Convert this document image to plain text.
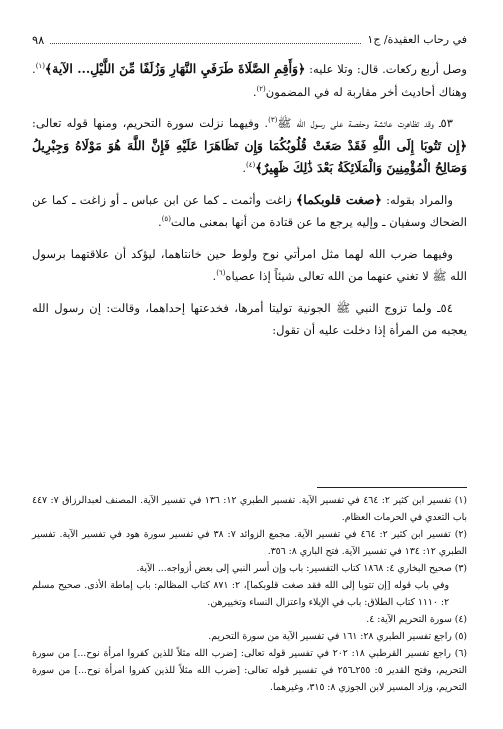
في رحاب العقيدة/ ج١
٩٨

وصل أربع ركعات. قال: وتلا عليه: ﴿وَأَقِمِ الصَّلَاةَ طَرَفَيِ النَّهَارِ وَزُلَفًا مِّنَ اللَّيْلِ... الآية﴾$^{(١)}$. وهناك أحاديث أخر مقاربة له في المضمون$^{(٢)}$.

٥٣ـ وقد تظاهرت عائشة وحفصة على رسول الله ﷺ$^{(٣)}$. وفيهما نزلت سورة التحريم، ومنها قوله تعالى: ﴿إِن تَتُوبَا إِلَى اللَّهِ فَقَدْ صَغَتْ قُلُوبُكُمَا وَإِن تَظَاهَرَا عَلَيْهِ فَإِنَّ اللَّهَ هُوَ مَوْلَاهُ وَجِبْرِيلُ وَصَالِحُ الْمُؤْمِنِينَ وَالْمَلَائِكَةُ بَعْدَ ذَٰلِكَ ظَهِيرٌ﴾$^{(٤)}$.

والمراد بقوله: ﴿صغت قلوبكما﴾ زاغت وأثمت ـ كما عن ابن عباس ـ أو زاغت ـ كما عن الضحاك وسفيان ـ وإليه يرجع ما عن قتادة من أنها بمعنى مالت$^{(٥)}$.

وفيهما ضرب الله لهما مثل امرأتي نوح ولوط حين خانتاهما، ليؤكد أن علاقتهما برسول الله ﷺ لا تغني عنهما من الله تعالى شيئاً إذا عصياه$^{(٦)}$.

٥٤ـ ولما تزوج النبي ﷺ الجونية توليتا أمرها، فخدعتها إحداهما، وقالت: إن رسول الله يعجبه من المرأة إذا دخلت عليه أن تقول:

(١) تفسير ابن كثير ٢: ٤٦٤ في تفسير الآية. تفسير الطبري ١٢: ١٣٦ في تفسير الآية. المصنف لعبدالرزاق ٧: ٤٤٧ باب التعدي في الحرمات العظام.

(٢) تفسير ابن كثير ٢: ٤٦٤ في تفسير الآية. مجمع الزوائد ٧: ٣٨ في تفسير سورة هود في تفسير الآية. تفسير الطبري ١٢: ١٣٤ في تفسير الآية. فتح الباري ٨: ٣٥٦.

(٣) صحيح البخاري ٤: ١٨٦٨ كتاب التفسير: باب وإن أسر النبي إلى بعض أزواجه... الآية.

وفي باب قوله [إن تتوبا إلى الله فقد صغت قلوبكما]، ٢: ٨٧١ كتاب المظالم: باب إماطة الأذى. صحيح مسلم ٢: ١١١٠ كتاب الطلاق: باب في الإيلاء واعتزال النساء وتخييرهن.

(٤) سورة التحريم الآية: ٤.

(٥) راجع تفسير الطبري ٢٨: ١٦١ في تفسير الآية من سورة التحريم.

(٦) راجع تفسير القرطبي ١٨: ٢٠٢ في تفسير قوله تعالى: [ضرب الله مثلاً للذين كفروا امرأة نوح...] من سورة التحريم، وفتح القدير ٥: ٢٥٥ـ٢٥٦ في تفسير قوله تعالى: [ضرب الله مثلاً للذين كفروا امرأة نوح...] من سورة التحريم، وزاد المسير لابن الجوزي ٨: ٣١٥، وغيرهما.
